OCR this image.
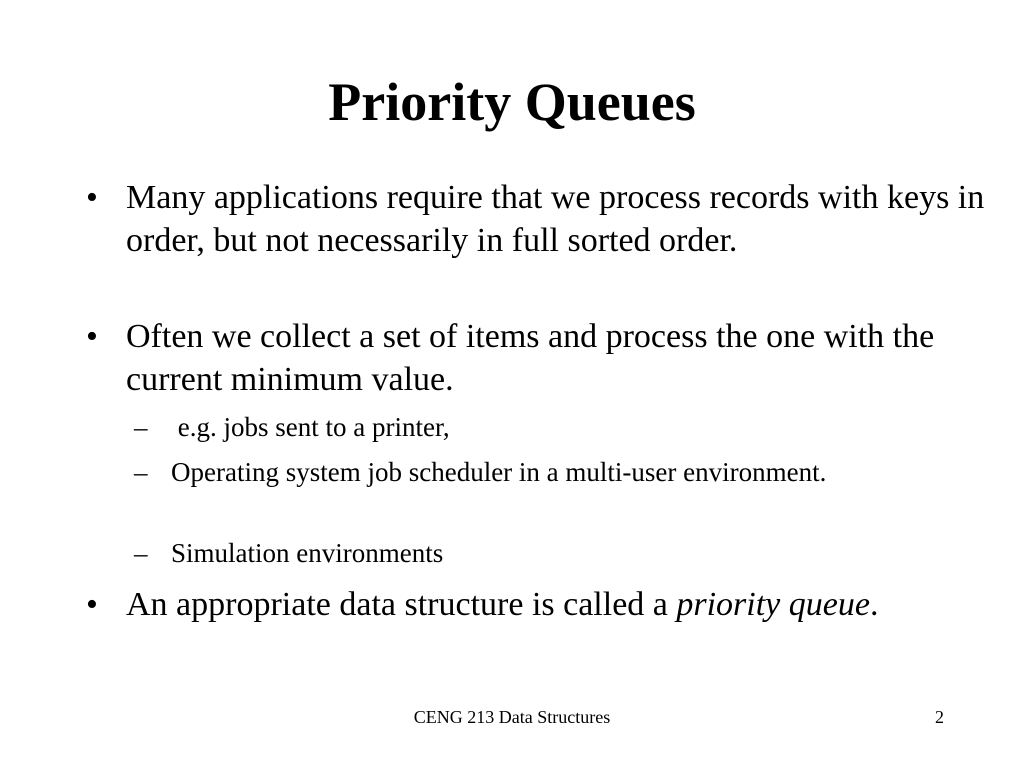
Priority Queues

• Many applications require that we process records with keys in order, but not necessarily in full sorted order.

• Often we collect a set of items and process the one with the current minimum value.

– e.g. jobs sent to a printer,

– Operating system job scheduler in a multi-user environment.

– Simulation environments

• An appropriate data structure is called a priority queue.

CENG 213 Data Structures	2
